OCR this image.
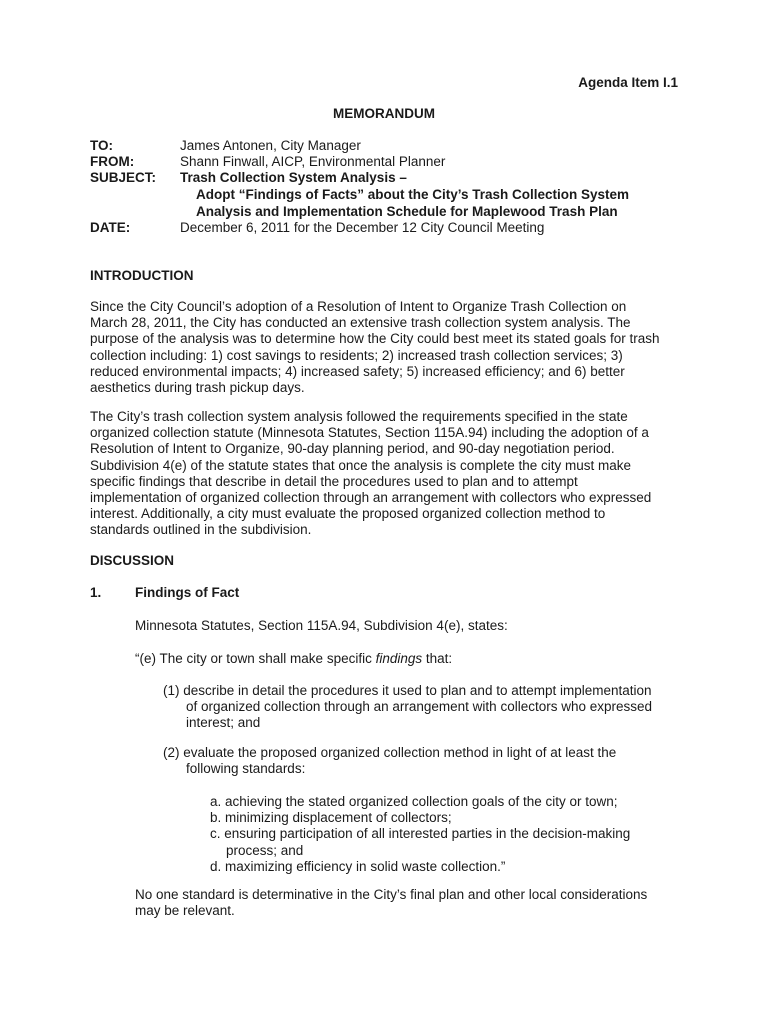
Agenda Item I.1
MEMORANDUM
TO:	James Antonen, City Manager
FROM:	Shann Finwall, AICP, Environmental Planner
SUBJECT: Trash Collection System Analysis –
Adopt “Findings of Facts” about the City’s Trash Collection System
Analysis and Implementation Schedule for Maplewood Trash Plan
DATE:	December 6, 2011 for the December 12 City Council Meeting
INTRODUCTION
Since the City Council’s adoption of a Resolution of Intent to Organize Trash Collection on
March 28, 2011, the City has conducted an extensive trash collection system analysis. The
purpose of the analysis was to determine how the City could best meet its stated goals for trash
collection including: 1) cost savings to residents; 2) increased trash collection services; 3)
reduced environmental impacts; 4) increased safety; 5) increased efficiency; and 6) better
aesthetics during trash pickup days.
The City’s trash collection system analysis followed the requirements specified in the state
organized collection statute (Minnesota Statutes, Section 115A.94) including the adoption of a
Resolution of Intent to Organize, 90-day planning period, and 90-day negotiation period.
Subdivision 4(e) of the statute states that once the analysis is complete the city must make
specific findings that describe in detail the procedures used to plan and to attempt
implementation of organized collection through an arrangement with collectors who expressed
interest. Additionally, a city must evaluate the proposed organized collection method to
standards outlined in the subdivision.
DISCUSSION
1. Findings of Fact
Minnesota Statutes, Section 115A.94, Subdivision 4(e), states:
“(e) The city or town shall make specific findings that:
(1) describe in detail the procedures it used to plan and to attempt implementation
of organized collection through an arrangement with collectors who expressed
interest; and
(2) evaluate the proposed organized collection method in light of at least the
following standards:
a. achieving the stated organized collection goals of the city or town;
b. minimizing displacement of collectors;
c. ensuring participation of all interested parties in the decision-making
process; and
d. maximizing efficiency in solid waste collection.”
No one standard is determinative in the City’s final plan and other local considerations
may be relevant.
